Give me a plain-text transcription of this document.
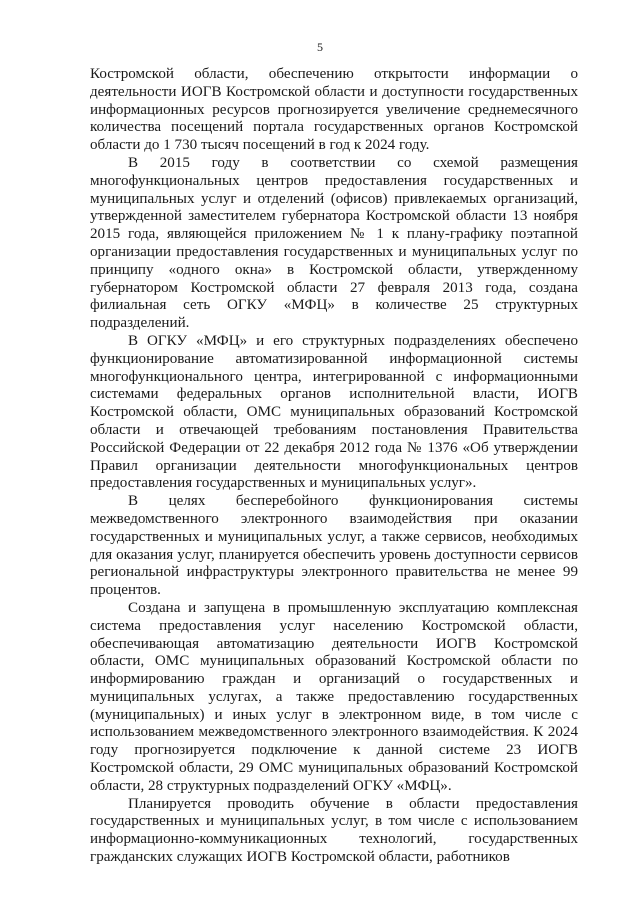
5

Костромской области, обеспечению открытости информации о деятельности ИОГВ Костромской области и доступности государственных информационных ресурсов прогнозируется увеличение среднемесячного количества посещений портала государственных органов Костромской области до 1 730 тысяч посещений в год к 2024 году.

В 2015 году в соответствии со схемой размещения многофункциональных центров предоставления государственных и муниципальных услуг и отделений (офисов) привлекаемых организаций, утвержденной заместителем губернатора Костромской области 13 ноября 2015 года, являющейся приложением № 1 к плану-графику поэтапной организации предоставления государственных и муниципальных услуг по принципу «одного окна» в Костромской области, утвержденному губернатором Костромской области 27 февраля 2013 года, создана филиальная сеть ОГКУ «МФЦ» в количестве 25 структурных подразделений.

В ОГКУ «МФЦ» и его структурных подразделениях обеспечено функционирование автоматизированной информационной системы многофункционального центра, интегрированной с информационными системами федеральных органов исполнительной власти, ИОГВ Костромской области, ОМС муниципальных образований Костромской области и отвечающей требованиям постановления Правительства Российской Федерации от 22 декабря 2012 года № 1376 «Об утверждении Правил организации деятельности многофункциональных центров предоставления государственных и муниципальных услуг».

В целях бесперебойного функционирования системы межведомственного электронного взаимодействия при оказании государственных и муниципальных услуг, а также сервисов, необходимых для оказания услуг, планируется обеспечить уровень доступности сервисов региональной инфраструктуры электронного правительства не менее 99 процентов.

Создана и запущена в промышленную эксплуатацию комплексная система предоставления услуг населению Костромской области, обеспечивающая автоматизацию деятельности ИОГВ Костромской области, ОМС муниципальных образований Костромской области по информированию граждан и организаций о государственных и муниципальных услугах, а также предоставлению государственных (муниципальных) и иных услуг в электронном виде, в том числе с использованием межведомственного электронного взаимодействия. К 2024 году прогнозируется подключение к данной системе 23 ИОГВ Костромской области, 29 ОМС муниципальных образований Костромской области, 28 структурных подразделений ОГКУ «МФЦ».

Планируется проводить обучение в области предоставления государственных и муниципальных услуг, в том числе с использованием информационно-коммуникационных технологий, государственных гражданских служащих ИОГВ Костромской области, работников
